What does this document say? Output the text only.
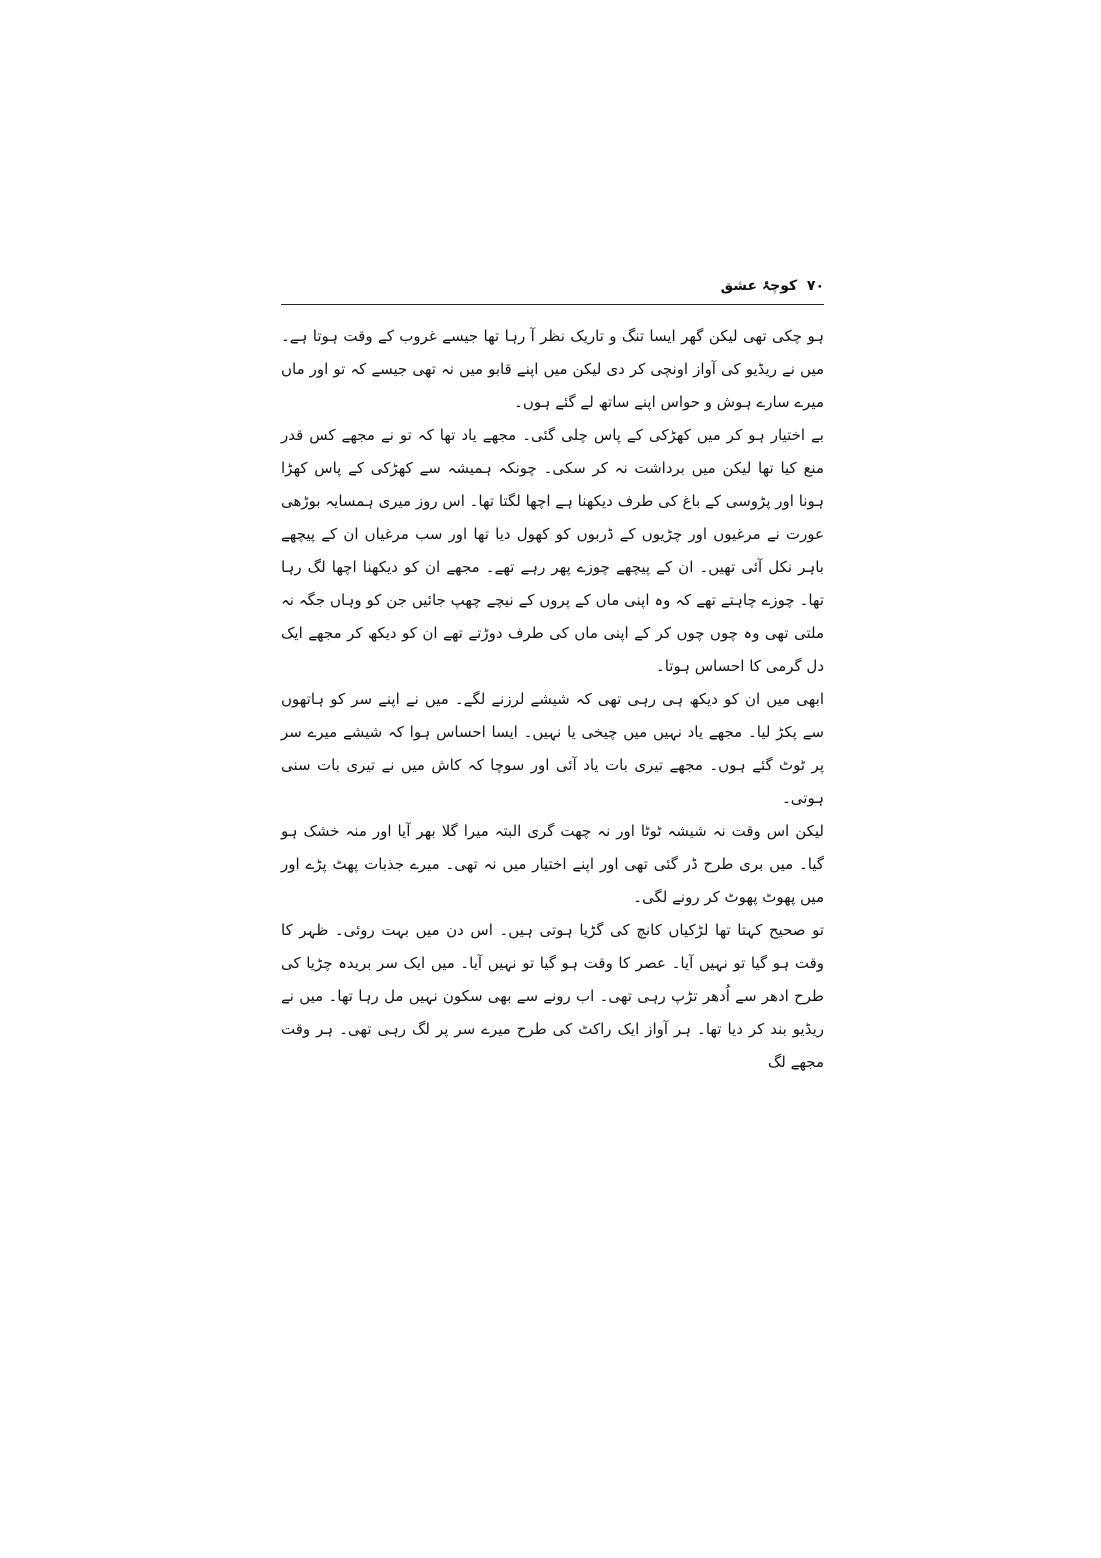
۷۰  کوچۂ عشق

ہو چکی تھی لیکن گھر ایسا تنگ و تاریک نظر آ رہا تھا جیسے غروب کے وقت ہوتا ہے۔ میں نے ریڈیو کی آواز اونچی کر دی لیکن میں اپنے قابو میں نہ تھی جیسے کہ تو اور ماں میرے سارے ہوش و حواس اپنے ساتھ لے گئے ہوں۔

بے اختیار ہو کر میں کھڑکی کے پاس چلی گئی۔ مجھے یاد تھا کہ تو نے مجھے کس قدر منع کیا تھا لیکن میں برداشت نہ کر سکی۔ چونکہ ہمیشہ سے کھڑکی کے پاس کھڑا ہونا اور پڑوسی کے باغ کی طرف دیکھنا ہے اچھا لگتا تھا۔ اس روز میری ہمسایہ بوڑھی عورت نے مرغیوں اور چڑیوں کے ڈربوں کو کھول دیا تھا اور سب مرغیاں ان کے پیچھے باہر نکل آئی تھیں۔ ان کے پیچھے چوزے پھر رہے تھے۔ مجھے ان کو دیکھنا اچھا لگ رہا تھا۔ چوزے چاہتے تھے کہ وہ اپنی ماں کے پروں کے نیچے چھپ جائیں جن کو وہاں جگہ نہ ملتی تھی وہ چوں چوں کر کے اپنی ماں کی طرف دوڑتے تھے ان کو دیکھ کر مجھے ایک دل گرمی کا احساس ہوتا۔

ابھی میں ان کو دیکھ ہی رہی تھی کہ شیشے لرزنے لگے۔ میں نے اپنے سر کو ہاتھوں سے پکڑ لیا۔ مجھے یاد نہیں میں چیخی یا نہیں۔ ایسا احساس ہوا کہ شیشے میرے سر پر ٹوٹ گئے ہوں۔ مجھے تیری بات یاد آئی اور سوچا کہ کاش میں نے تیری بات سنی ہوتی۔

لیکن اس وقت نہ شیشہ ٹوٹا اور نہ چھت گری البتہ میرا گلا بھر آیا اور منہ خشک ہو گیا۔ میں بری طرح ڈر گئی تھی اور اپنے اختیار میں نہ تھی۔ میرے جذبات پھٹ پڑے اور میں پھوٹ پھوٹ کر رونے لگی۔

تو صحیح کہتا تھا لڑکیاں کانچ کی گڑیا ہوتی ہیں۔ اس دن میں بہت روئی۔ ظہر کا وقت ہو گیا تو نہیں آیا۔ عصر کا وقت ہو گیا تو نہیں آیا۔ میں ایک سر بریدہ چڑیا کی طرح ادھر سے اُدھر تڑپ رہی تھی۔ اب رونے سے بھی سکون نہیں مل رہا تھا۔ میں نے ریڈیو بند کر دیا تھا۔ ہر آواز ایک راکٹ کی طرح میرے سر پر لگ رہی تھی۔ ہر وقت مجھے لگ
